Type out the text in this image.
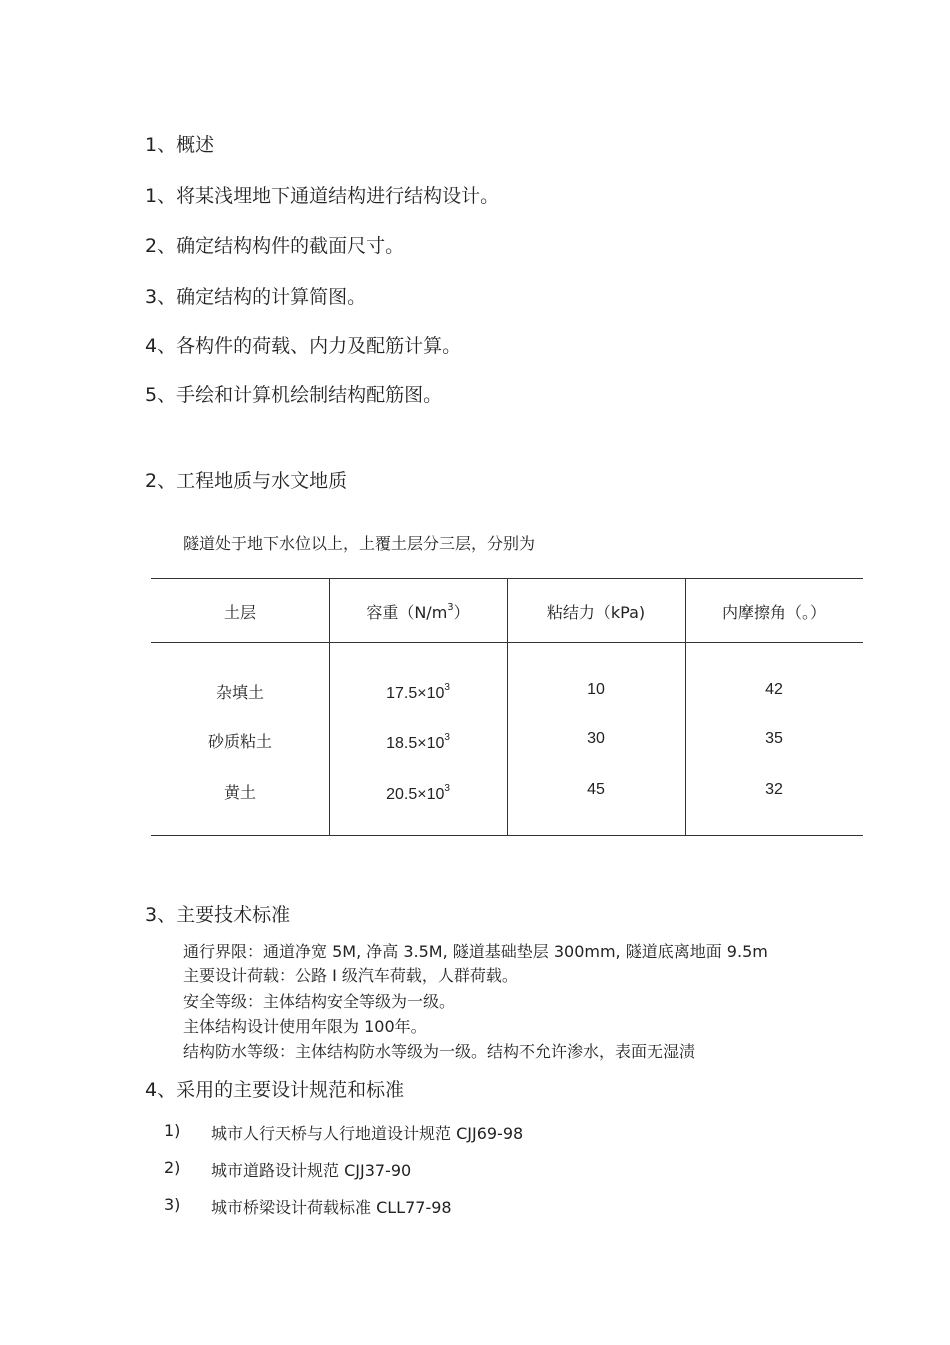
1、概述
1、将某浅埋地下通道结构进行结构设计。
2、确定结构构件的截面尺寸。
3、确定结构的计算简图。
4、各构件的荷载、内力及配筋计算。
5、手绘和计算机绘制结构配筋图。
2、工程地质与水文地质
隧道处于地下水位以上，上覆土层分三层，分别为
土层	容重$(N/m^3)$	粘结力（kPa)	内摩擦角（。）
杂填土	$17.5\times 10^3$	10	42
砂质粘土	$18.5\times 10^3$	30	35
黄土	$20.5\times 10^3$	45	32
3、主要技术标准
通行界限：通道净宽 5M, 净高 3.5M, 隧道基础垫层 300mm, 隧道底离地面 9.5m
主要设计荷载：公路 I 级汽车荷载，人群荷载。
安全等级：主体结构安全等级为一级。
主体结构设计使用年限为 100年。
结构防水等级：主体结构防水等级为一级。结构不允许渗水，表面无湿渍
4、采用的主要设计规范和标准
1) 城市人行天桥与人行地道设计规范 CJJ69-98
2) 城市道路设计规范 CJJ37-90
3) 城市桥梁设计荷载标准 CLL77-98
